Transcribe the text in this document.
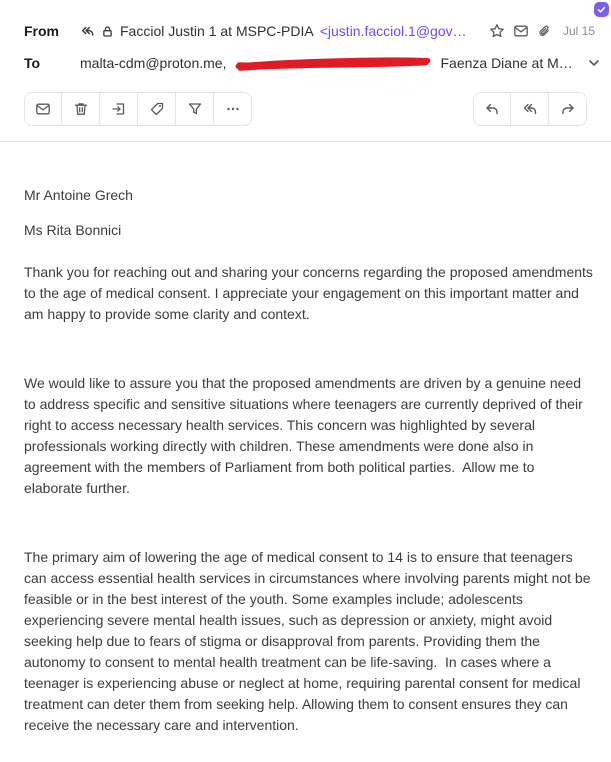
From	Facciol Justin 1 at MSPC-PDIA <justin.facciol.1@gov…	Jul 15
To	malta-cdm@proton.me,	Faenza Diane at M…

Mr Antoine Grech

Ms Rita Bonnici

Thank you for reaching out and sharing your concerns regarding the proposed amendments to the age of medical consent. I appreciate your engagement on this important matter and am happy to provide some clarity and context.

We would like to assure you that the proposed amendments are driven by a genuine need to address specific and sensitive situations where teenagers are currently deprived of their right to access necessary health services. This concern was highlighted by several professionals working directly with children. These amendments were done also in agreement with the members of Parliament from both political parties.  Allow me to elaborate further.

The primary aim of lowering the age of medical consent to 14 is to ensure that teenagers can access essential health services in circumstances where involving parents might not be feasible or in the best interest of the youth. Some examples include; adolescents experiencing severe mental health issues, such as depression or anxiety, might avoid seeking help due to fears of stigma or disapproval from parents. Providing them the autonomy to consent to mental health treatment can be life-saving.  In cases where a teenager is experiencing abuse or neglect at home, requiring parental consent for medical treatment can deter them from seeking help. Allowing them to consent ensures they can receive the necessary care and intervention.
